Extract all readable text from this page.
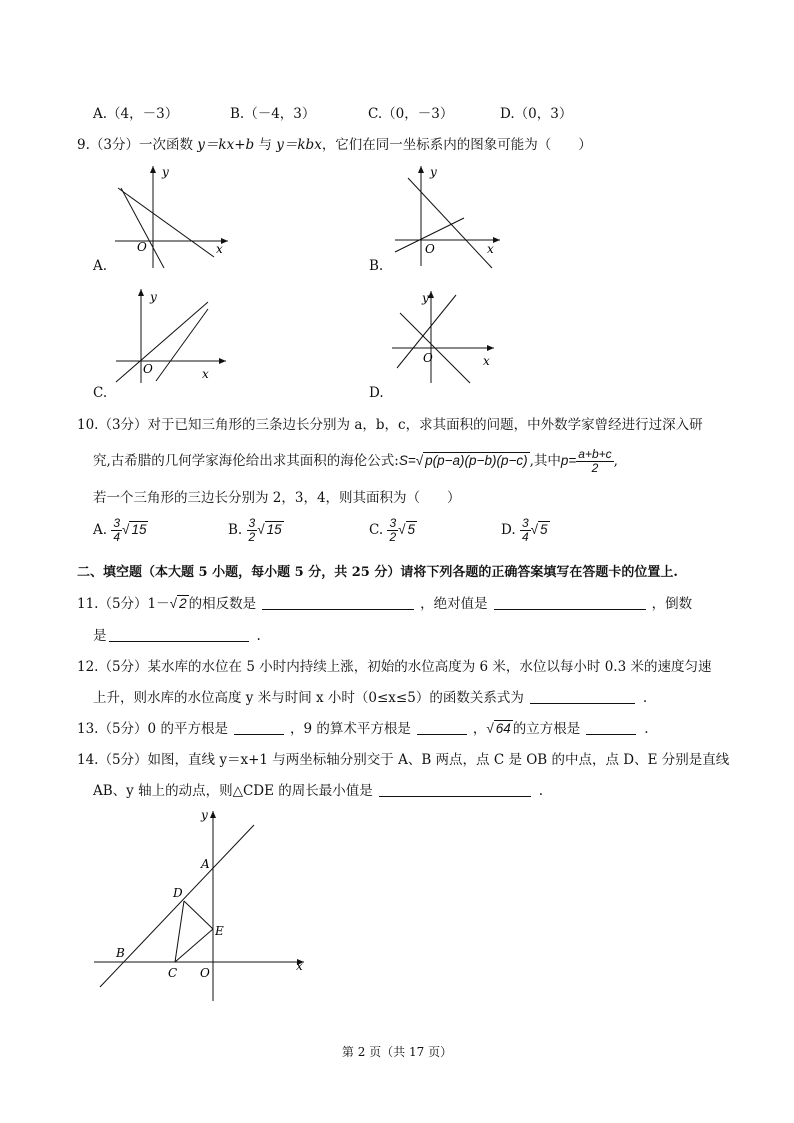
A.（4，－3）	B.（－4，3）	C.（0，－3）	D.（0，3）
9.（3分）一次函数 y＝kx+b 与 y＝kbx，它们在同一坐标系内的图象可能为（　　）
y
O	x
A.
y
O	x
B.
y
O	x
C.
y
O	x
D.
10.（3分）对于已知三角形的三条边长分别为 a，b，c，求其面积的问题，中外数学家曾经进行过深入研
究,古希腊的几何学家海伦给出求其面积的海伦公式:S=√ p(p−a)(p−b)(p−c) ,其中$p= \frac{a+b+c}{2}$ ,
若一个三角形的三边长分别为 2，3，4，则其面积为（　　）
A. $\frac{3}{4}$ √ 15	B. $\frac{3}{2}$ √ 15	C. $\frac{3}{2}$ √ 5	D. $\frac{3}{4}$ √ 5
二、填空题（本大题 5 小题，每小题 5 分，共 25 分）请将下列各题的正确答案填写在答题卡的位置上.
11.（5分）1－√ 2 的相反数是	，绝对值是	，倒数
是	.
12.（5分）某水库的水位在 5 小时内持续上涨，初始的水位高度为 6 米，水位以每小时 0.3 米的速度匀速
上升，则水库的水位高度 y 米与时间 x 小时（0≤x≤5）的函数关系式为	.
13.（5分）0 的平方根是	，9 的算术平方根是	，√ 64 的立方根是	.
14.（5分）如图，直线 y＝x+1 与两坐标轴分别交于 A、B 两点，点 C 是 OB 的中点，点 D、E 分别是直线
AB、y 轴上的动点，则△CDE 的周长最小值是	.
y
x
A
B
C
D
E
O
第 2 页（共 17 页）
